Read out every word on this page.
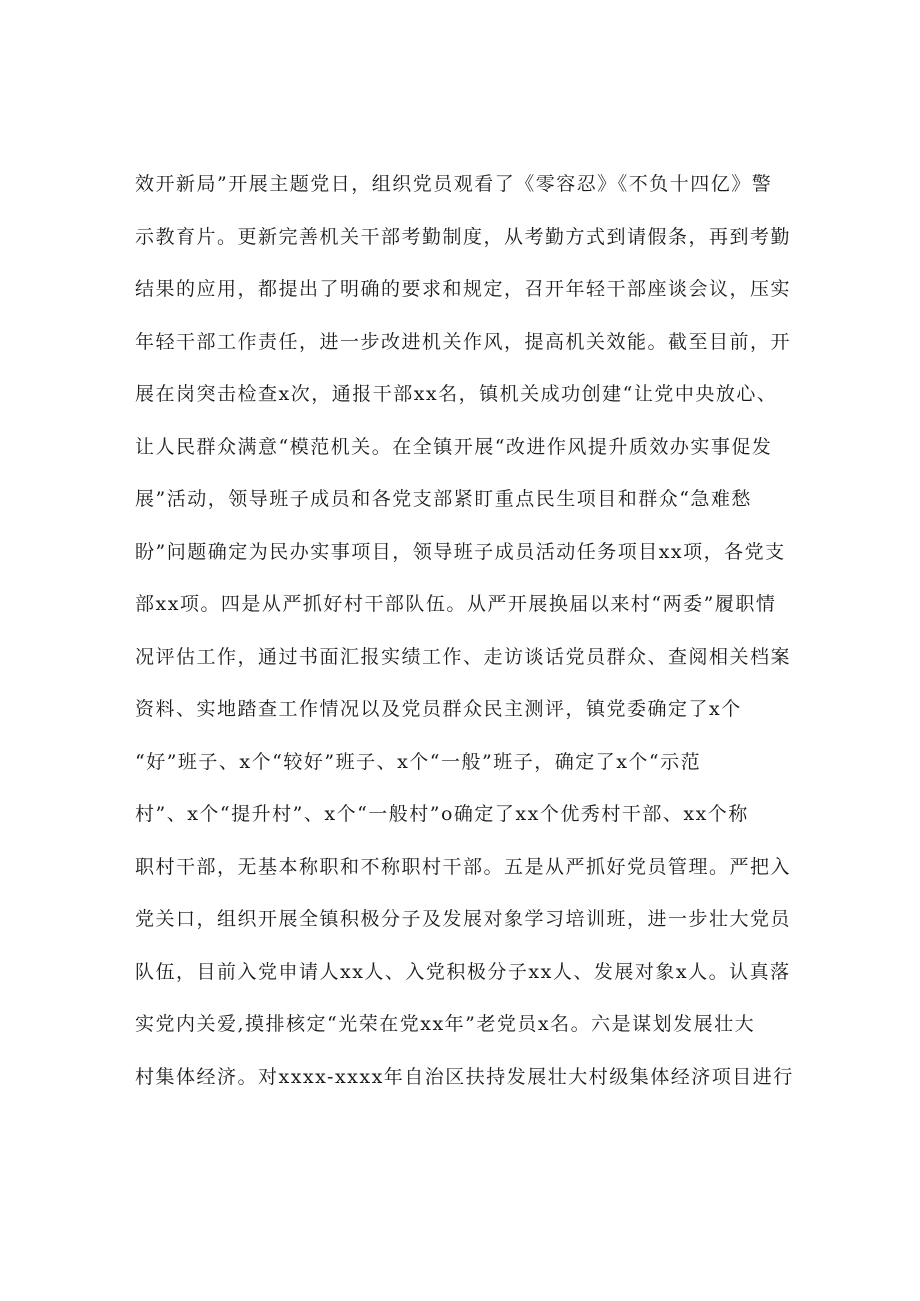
效开新局”开展主题党日，组织党员观看了《零容忍》《不负十四亿》警
示教育片。更新完善机关干部考勤制度，从考勤方式到请假条，再到考勤
结果的应用，都提出了明确的要求和规定，召开年轻干部座谈会议，压实
年轻干部工作责任，进一步改进机关作风，提高机关效能。截至目前，开
展在岗突击检查x次，通报干部xx名，镇机关成功创建“让党中央放心、
让人民群众满意“模范机关。在全镇开展“改进作风提升质效办实事促发
展”活动，领导班子成员和各党支部紧盯重点民生项目和群众“急难愁
盼”问题确定为民办实事项目，领导班子成员活动任务项目xx项，各党支
部xx项。四是从严抓好村干部队伍。从严开展换届以来村“两委”履职情
况评估工作，通过书面汇报实绩工作、走访谈话党员群众、查阅相关档案
资料、实地踏查工作情况以及党员群众民主测评，镇党委确定了x个
“好”班子、x个“较好”班子、x个“一般”班子，确定了x个“示范
村”、x个“提升村”、x个“一般村”o确定了xx个优秀村干部、xx个称
职村干部，无基本称职和不称职村干部。五是从严抓好党员管理。严把入
党关口，组织开展全镇积极分子及发展对象学习培训班，进一步壮大党员
队伍，目前入党申请人xx人、入党积极分子xx人、发展对象x人。认真落
实党内关爱,摸排核定“光荣在党xx年”老党员x名。六是谋划发展壮大
村集体经济。对xxxx-xxxx年自治区扶持发展壮大村级集体经济项目进行
